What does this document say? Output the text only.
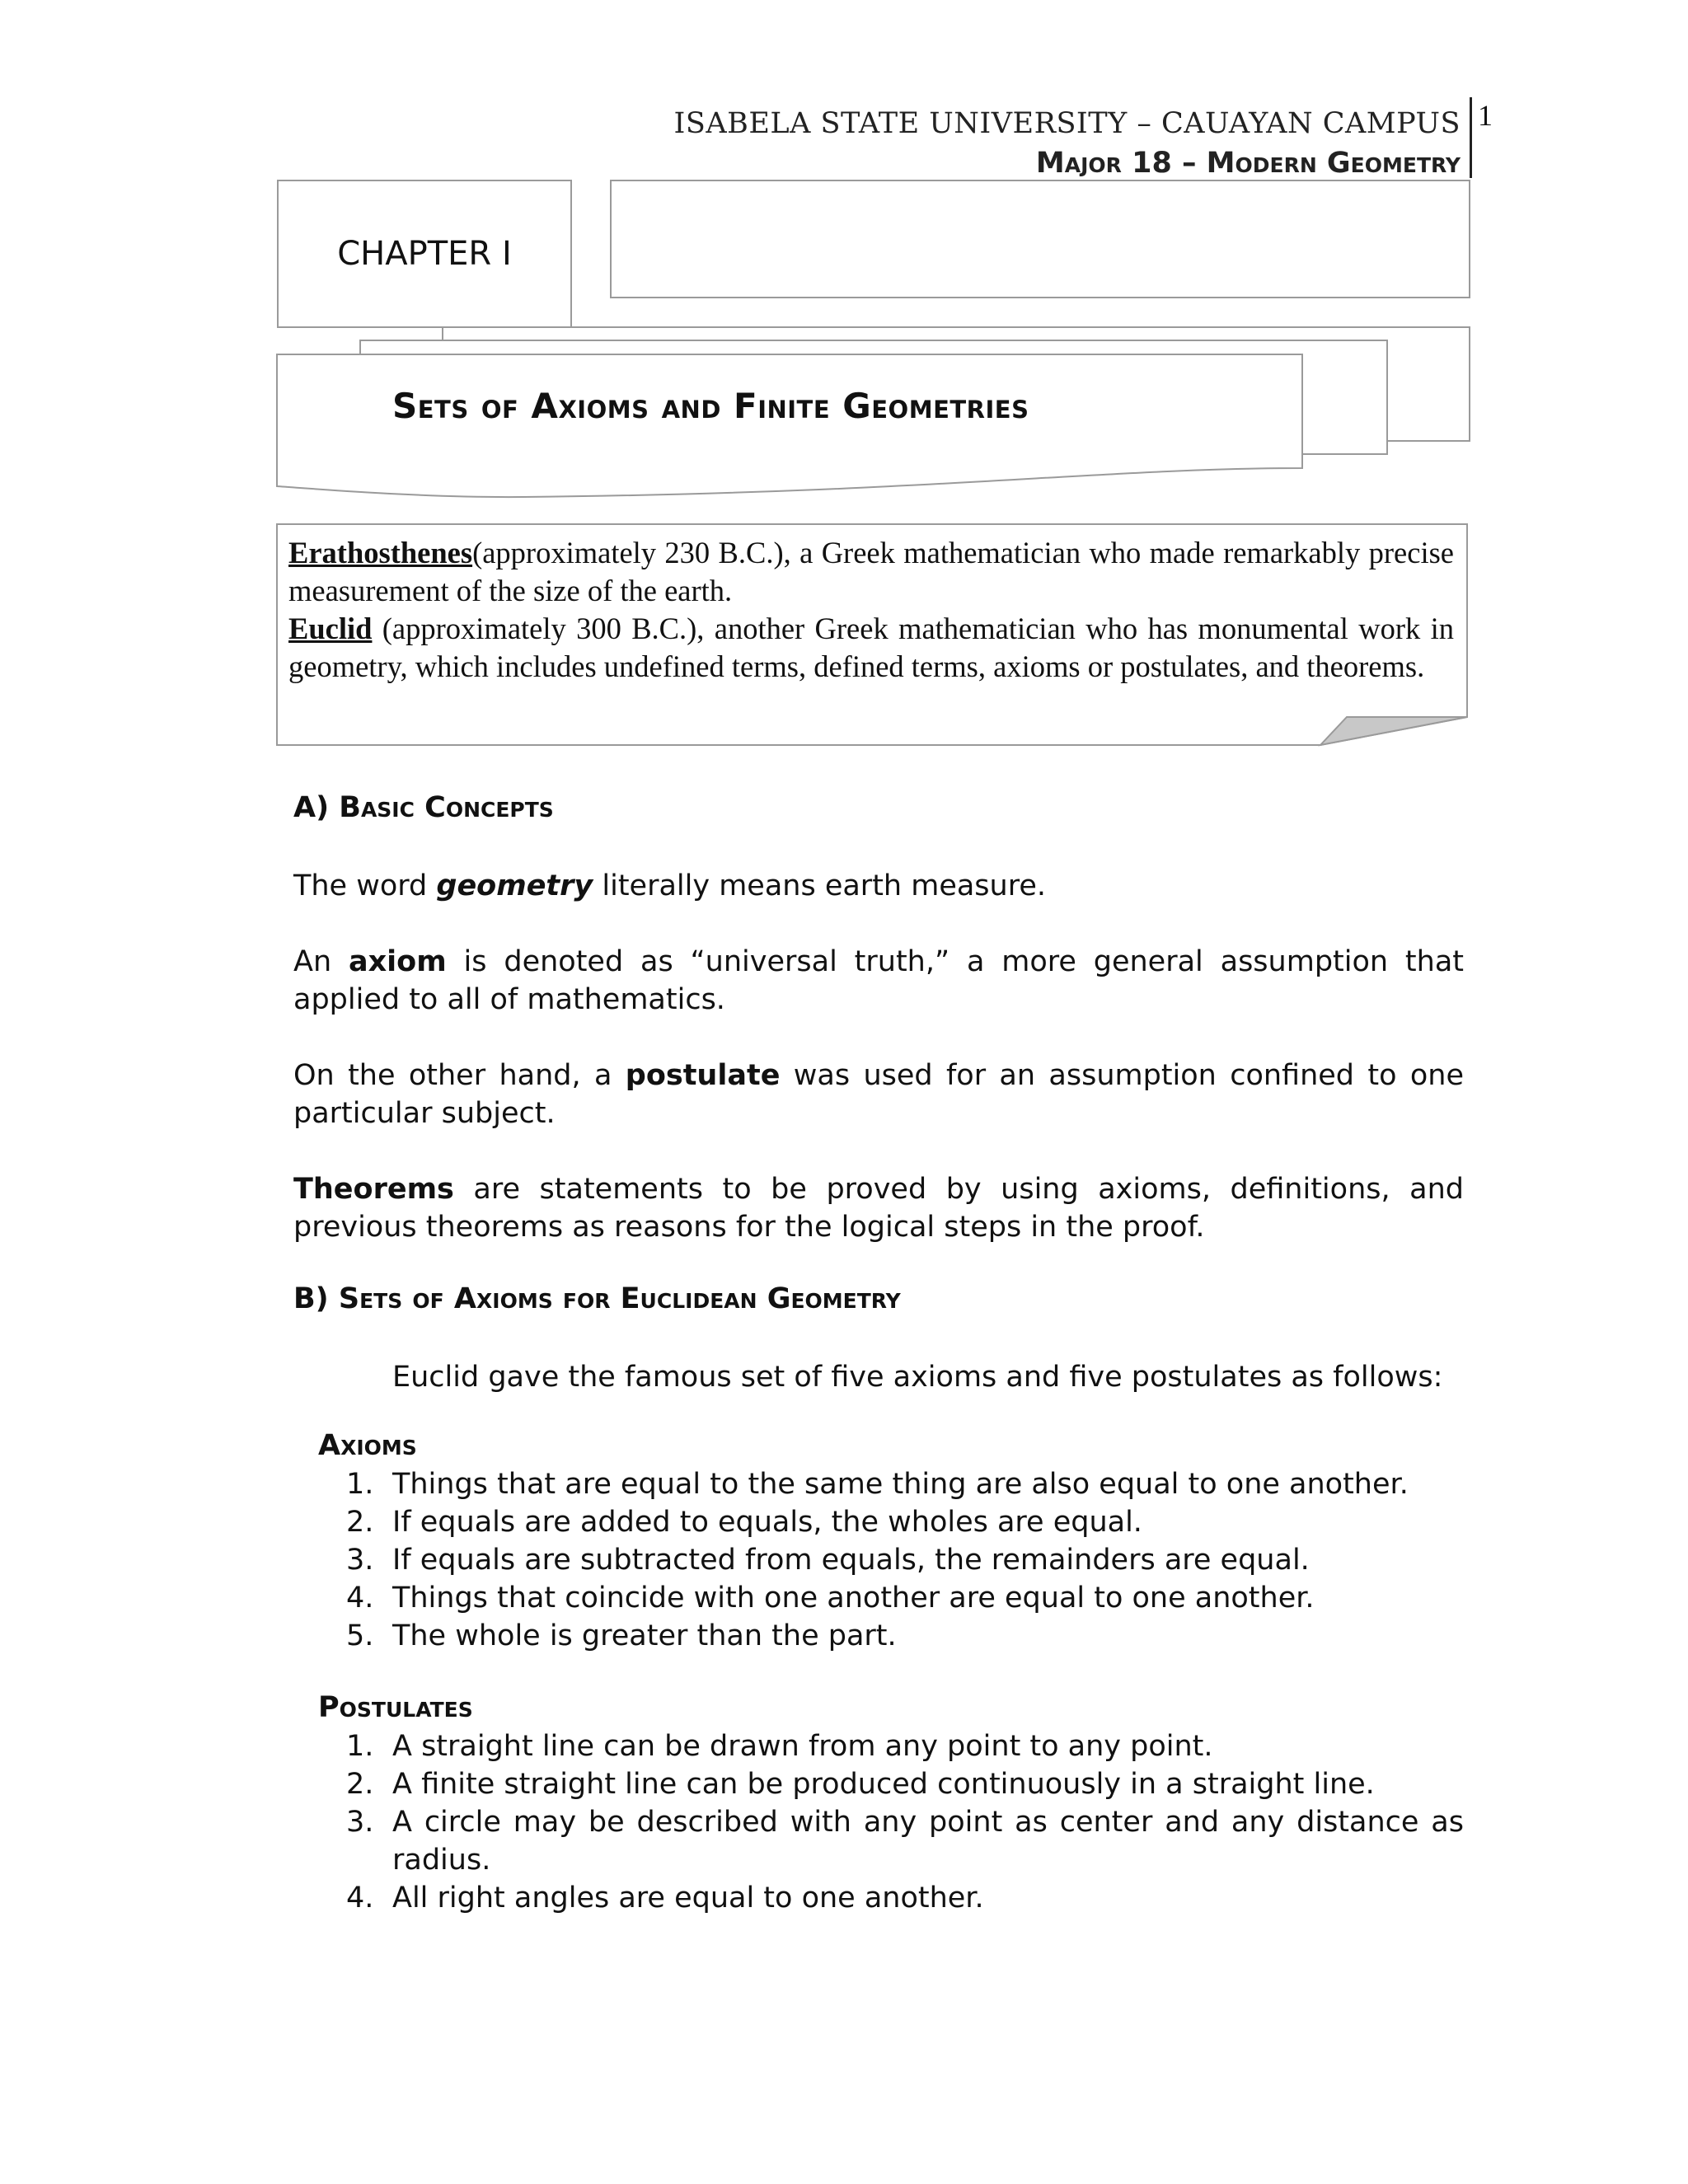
ISABELA STATE UNIVERSITY – CAUAYAN CAMPUS
Major 18 – Modern Geometry
1
CHAPTER I
Sets of Axioms and Finite Geometries
Erathosthenes(approximately 230 B.C.), a Greek mathematician who made remarkably precise measurement of the size of the earth.
Euclid (approximately 300 B.C.), another Greek mathematician who has monumental work in geometry, which includes undefined terms, defined terms, axioms or postulates, and theorems.
A) Basic Concepts
The word geometry literally means earth measure.
An axiom is denoted as “universal truth,” a more general assumption that applied to all of mathematics.
On the other hand, a postulate was used for an assumption confined to one particular subject.
Theorems are statements to be proved by using axioms, definitions, and previous theorems as reasons for the logical steps in the proof.
B) Sets of Axioms for Euclidean Geometry
Euclid gave the famous set of five axioms and five postulates as follows:
Axioms
1. Things that are equal to the same thing are also equal to one another.
2. If equals are added to equals, the wholes are equal.
3. If equals are subtracted from equals, the remainders are equal.
4. Things that coincide with one another are equal to one another.
5. The whole is greater than the part.
Postulates
1. A straight line can be drawn from any point to any point.
2. A finite straight line can be produced continuously in a straight line.
3. A circle may be described with any point as center and any distance as radius.
4. All right angles are equal to one another.
